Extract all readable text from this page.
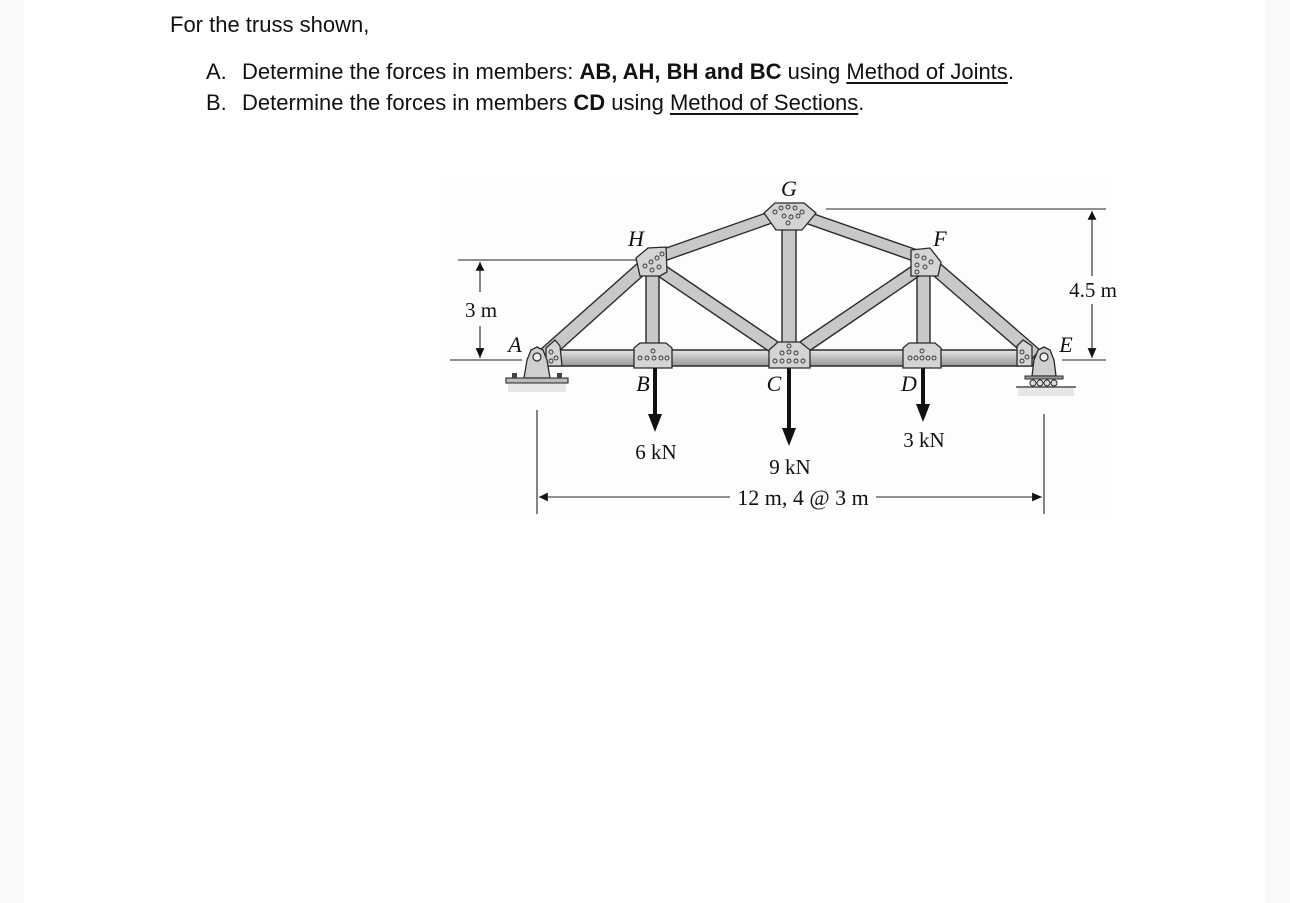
For the truss shown,

A. Determine the forces in members: AB, AH, BH and BC using Method of Joints.
B. Determine the forces in members CD using Method of Sections.
G
H	F
A	E
B	C	D
6 kN
9 kN
3 kN
3 m
4.5 m
12 m, 4 @ 3 m
